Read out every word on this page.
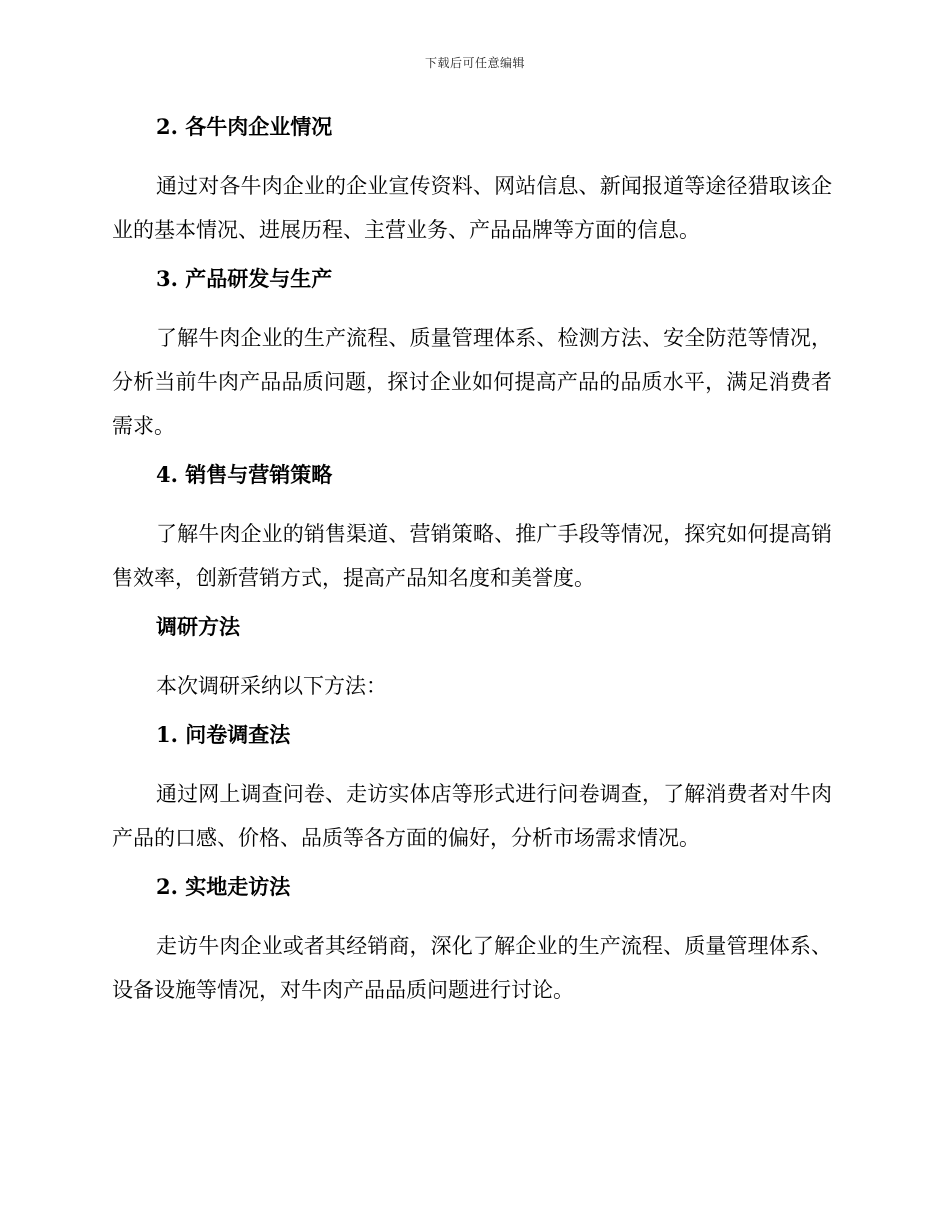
下载后可任意编辑
2. 各牛肉企业情况

通过对各牛肉企业的企业宣传资料、网站信息、新闻报道等途径猎取该企业的基本情况、进展历程、主营业务、产品品牌等方面的信息。

3. 产品研发与生产

了解牛肉企业的生产流程、质量管理体系、检测方法、安全防范等情况，分析当前牛肉产品品质问题，探讨企业如何提高产品的品质水平，满足消费者需求。

4. 销售与营销策略

了解牛肉企业的销售渠道、营销策略、推广手段等情况，探究如何提高销售效率，创新营销方式，提高产品知名度和美誉度。

调研方法

本次调研采纳以下方法：

1. 问卷调查法

通过网上调查问卷、走访实体店等形式进行问卷调查，了解消费者对牛肉产品的口感、价格、品质等各方面的偏好，分析市场需求情况。

2. 实地走访法

走访牛肉企业或者其经销商，深化了解企业的生产流程、质量管理体系、设备设施等情况，对牛肉产品品质问题进行讨论。
